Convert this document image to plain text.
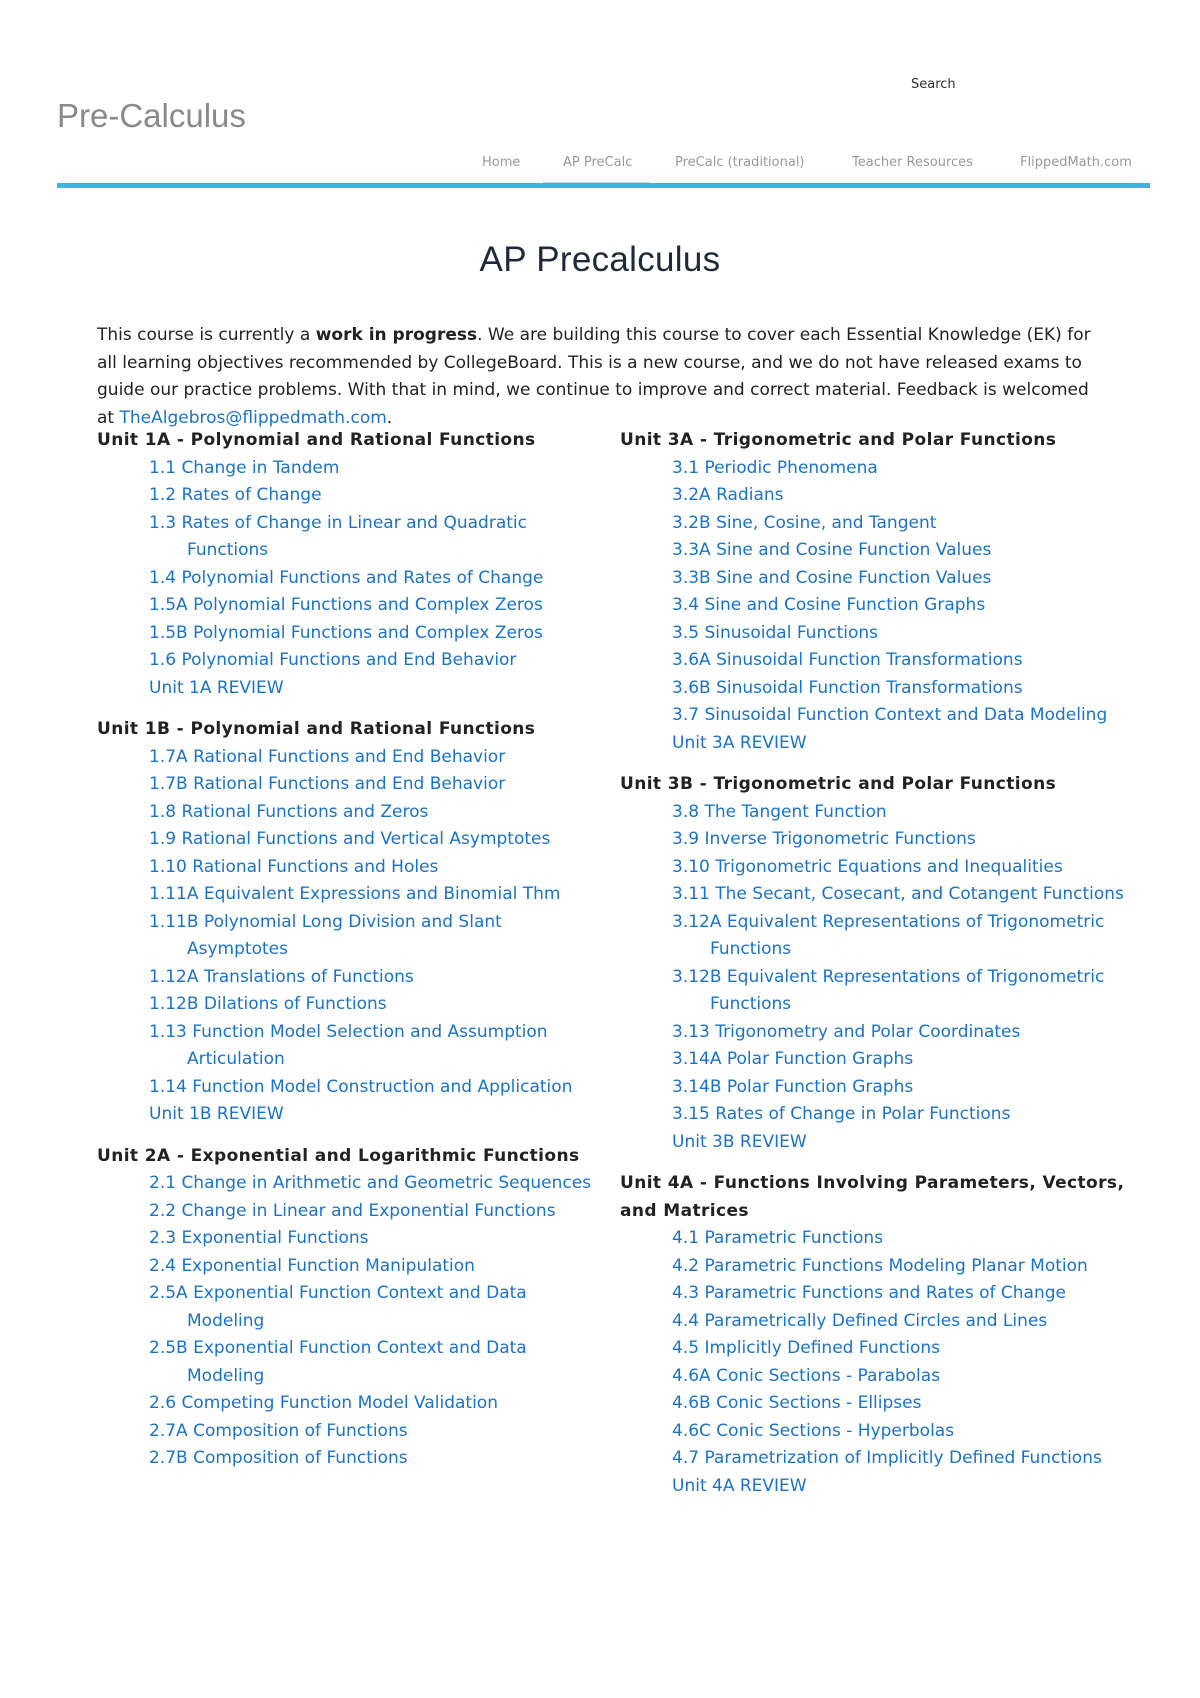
Search
Pre-Calculus
Home	AP PreCalc	PreCalc (traditional)	Teacher Resources	FlippedMath.com
AP Precalculus

This course is currently a work in progress. We are building this course to cover each Essential Knowledge (EK) for all learning objectives recommended by CollegeBoard. This is a new course, and we do not have released exams to guide our practice problems. With that in mind, we continue to improve and correct material. Feedback is welcomed at TheAlgebros@flippedmath.com.

Unit 1A - Polynomial and Rational Functions
1.1 Change in Tandem
1.2 Rates of Change
1.3 Rates of Change in Linear and Quadratic Functions
1.4 Polynomial Functions and Rates of Change
1.5A Polynomial Functions and Complex Zeros
1.5B Polynomial Functions and Complex Zeros
1.6 Polynomial Functions and End Behavior
Unit 1A REVIEW
Unit 1B - Polynomial and Rational Functions
1.7A Rational Functions and End Behavior
1.7B Rational Functions and End Behavior
1.8 Rational Functions and Zeros
1.9 Rational Functions and Vertical Asymptotes
1.10 Rational Functions and Holes
1.11A Equivalent Expressions and Binomial Thm
1.11B Polynomial Long Division and Slant Asymptotes
1.12A Translations of Functions
1.12B Dilations of Functions
1.13 Function Model Selection and Assumption Articulation
1.14 Function Model Construction and Application
Unit 1B REVIEW
Unit 2A - Exponential and Logarithmic Functions
2.1 Change in Arithmetic and Geometric Sequences
2.2 Change in Linear and Exponential Functions
2.3 Exponential Functions
2.4 Exponential Function Manipulation
2.5A Exponential Function Context and Data Modeling
2.5B Exponential Function Context and Data Modeling
2.6 Competing Function Model Validation
2.7A Composition of Functions
2.7B Composition of Functions
Unit 3A - Trigonometric and Polar Functions
3.1 Periodic Phenomena
3.2A Radians
3.2B Sine, Cosine, and Tangent
3.3A Sine and Cosine Function Values
3.3B Sine and Cosine Function Values
3.4 Sine and Cosine Function Graphs
3.5 Sinusoidal Functions
3.6A Sinusoidal Function Transformations
3.6B Sinusoidal Function Transformations
3.7 Sinusoidal Function Context and Data Modeling
Unit 3A REVIEW
Unit 3B - Trigonometric and Polar Functions
3.8 The Tangent Function
3.9 Inverse Trigonometric Functions
3.10 Trigonometric Equations and Inequalities
3.11 The Secant, Cosecant, and Cotangent Functions
3.12A Equivalent Representations of Trigonometric Functions
3.12B Equivalent Representations of Trigonometric Functions
3.13 Trigonometry and Polar Coordinates
3.14A Polar Function Graphs
3.14B Polar Function Graphs
3.15 Rates of Change in Polar Functions
Unit 3B REVIEW
Unit 4A - Functions Involving Parameters, Vectors, and Matrices
4.1 Parametric Functions
4.2 Parametric Functions Modeling Planar Motion
4.3 Parametric Functions and Rates of Change
4.4 Parametrically Defined Circles and Lines
4.5 Implicitly Defined Functions
4.6A Conic Sections - Parabolas
4.6B Conic Sections - Ellipses
4.6C Conic Sections - Hyperbolas
4.7 Parametrization of Implicitly Defined Functions
Unit 4A REVIEW
